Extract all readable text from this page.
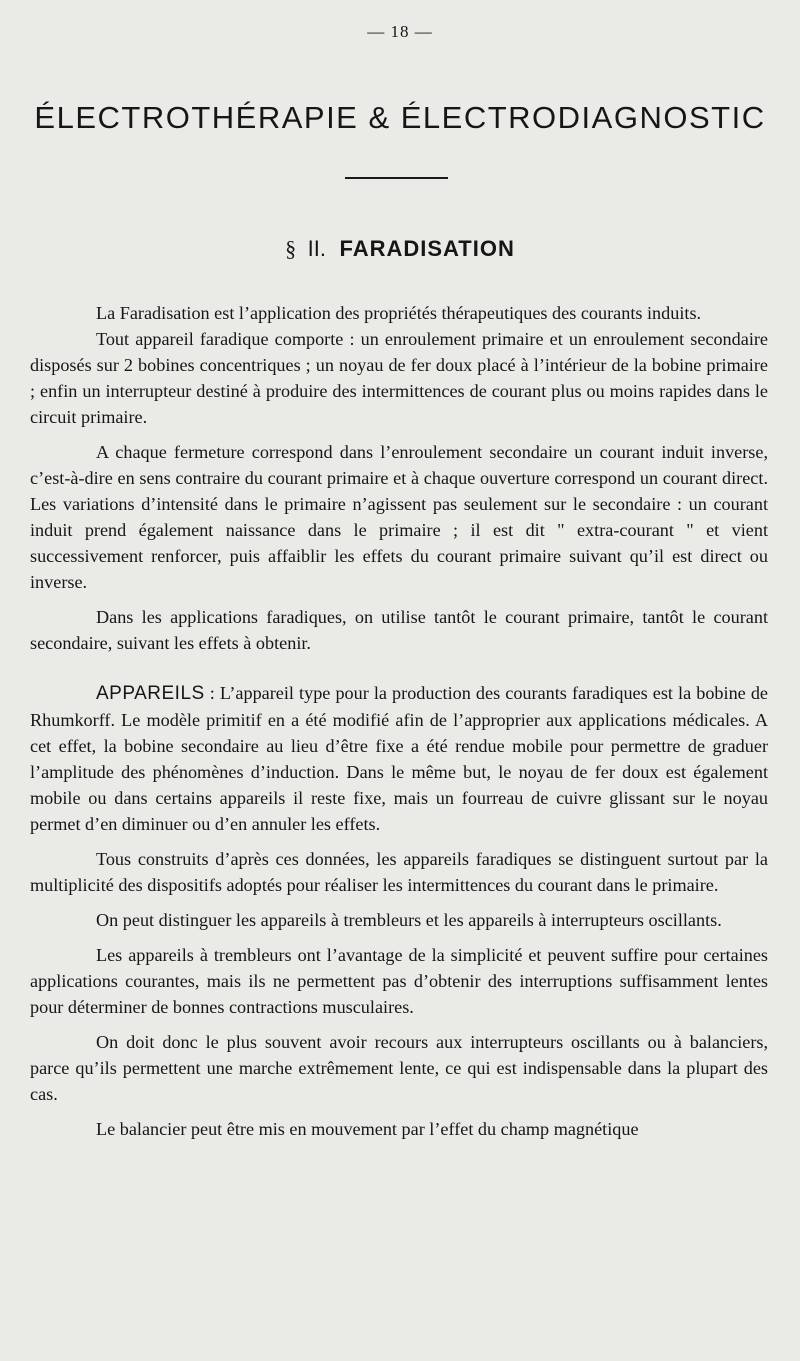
— 18 —
ÉLECTROTHÉRAPIE & ÉLECTRODIAGNOSTIC
§ II. FARADISATION

La Faradisation est l’application des propriétés thérapeutiques des courants induits.

Tout appareil faradique comporte : un enroulement primaire et un enroulement secondaire disposés sur 2 bobines concentriques ; un noyau de fer doux placé à l’intérieur de la bobine primaire ; enfin un interrupteur destiné à produire des intermittences de courant plus ou moins rapides dans le circuit primaire.

A chaque fermeture correspond dans l’enroulement secondaire un courant induit inverse, c’est-à-dire en sens contraire du courant primaire et à chaque ouverture correspond un courant direct. Les variations d’intensité dans le primaire n’agissent pas seulement sur le secondaire : un courant induit prend également naissance dans le primaire ; il est dit " extra-courant " et vient successivement renforcer, puis affaiblir les effets du courant primaire suivant qu’il est direct ou inverse.

Dans les applications faradiques, on utilise tantôt le courant primaire, tantôt le courant secondaire, suivant les effets à obtenir.

APPAREILS : L’appareil type pour la production des courants faradiques est la bobine de Rhumkorff. Le modèle primitif en a été modifié afin de l’approprier aux applications médicales. A cet effet, la bobine secondaire au lieu d’être fixe a été rendue mobile pour permettre de graduer l’amplitude des phénomènes d’induction. Dans le même but, le noyau de fer doux est également mobile ou dans certains appareils il reste fixe, mais un fourreau de cuivre glissant sur le noyau permet d’en diminuer ou d’en annuler les effets.

Tous construits d’après ces données, les appareils faradiques se distinguent surtout par la multiplicité des dispositifs adoptés pour réaliser les intermittences du courant dans le primaire.

On peut distinguer les appareils à trembleurs et les appareils à interrupteurs oscillants.

Les appareils à trembleurs ont l’avantage de la simplicité et peuvent suffire pour certaines applications courantes, mais ils ne permettent pas d’obtenir des interruptions suffisamment lentes pour déterminer de bonnes contractions musculaires.

On doit donc le plus souvent avoir recours aux interrupteurs oscillants ou à balanciers, parce qu’ils permettent une marche extrêmement lente, ce qui est indispensable dans la plupart des cas.

Le balancier peut être mis en mouvement par l’effet du champ magnétique
